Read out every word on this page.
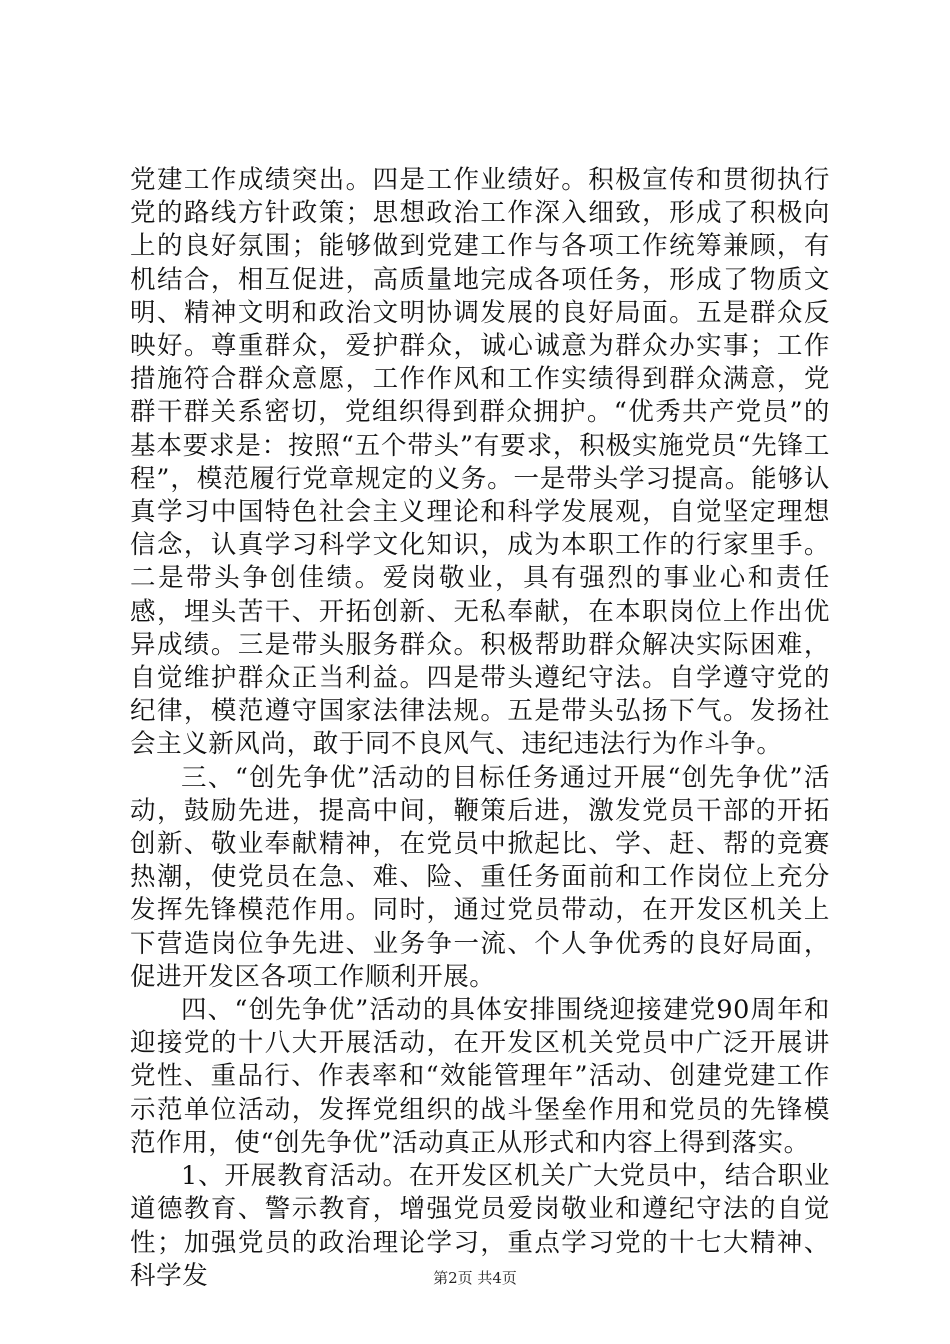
党建工作成绩突出。四是工作业绩好。积极宣传和贯彻执行党的路线方针政策；思想政治工作深入细致，形成了积极向上的良好氛围；能够做到党建工作与各项工作统筹兼顾，有机结合，相互促进，高质量地完成各项任务，形成了物质文明、精神文明和政治文明协调发展的良好局面。五是群众反映好。尊重群众，爱护群众，诚心诚意为群众办实事；工作措施符合群众意愿，工作作风和工作实绩得到群众满意，党群干群关系密切，党组织得到群众拥护。“优秀共产党员”的基本要求是：按照“五个带头”有要求，积极实施党员“先锋工程”，模范履行党章规定的义务。一是带头学习提高。能够认真学习中国特色社会主义理论和科学发展观，自觉坚定理想信念，认真学习科学文化知识，成为本职工作的行家里手。二是带头争创佳绩。爱岗敬业，具有强烈的事业心和责任感，埋头苦干、开拓创新、无私奉献，在本职岗位上作出优异成绩。三是带头服务群众。积极帮助群众解决实际困难，自觉维护群众正当利益。四是带头遵纪守法。自学遵守党的纪律，模范遵守国家法律法规。五是带头弘扬下气。发扬社会主义新风尚，敢于同不良风气、违纪违法行为作斗争。

三、“创先争优”活动的目标任务通过开展“创先争优”活动，鼓励先进，提高中间，鞭策后进，激发党员干部的开拓创新、敬业奉献精神，在党员中掀起比、学、赶、帮的竞赛热潮，使党员在急、难、险、重任务面前和工作岗位上充分发挥先锋模范作用。同时，通过党员带动，在开发区机关上下营造岗位争先进、业务争一流、个人争优秀的良好局面，促进开发区各项工作顺利开展。

四、“创先争优”活动的具体安排围绕迎接建党90周年和迎接党的十八大开展活动，在开发区机关党员中广泛开展讲党性、重品行、作表率和“效能管理年”活动、创建党建工作示范单位活动，发挥党组织的战斗堡垒作用和党员的先锋模范作用，使“创先争优”活动真正从形式和内容上得到落实。

1、开展教育活动。在开发区机关广大党员中，结合职业道德教育、警示教育，增强党员爱岗敬业和遵纪守法的自觉性；加强党员的政治理论学习，重点学习党的十七大精神、科学发	第2页 共4页
